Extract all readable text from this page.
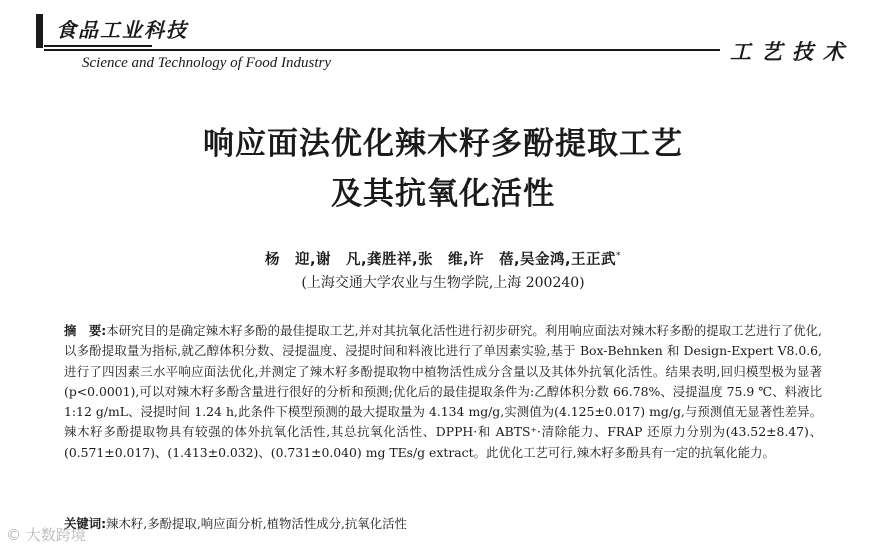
食品工业科技
工艺技术
Science and Technology of Food Industry
响应面法优化辣木籽多酚提取工艺
及其抗氧化活性
杨　迎,谢　凡,龚胜祥,张　维,许　蓓,吴金鸿,王正武*
(上海交通大学农业与生物学院,上海 200240)
摘　要:本研究目的是确定辣木籽多酚的最佳提取工艺,并对其抗氧化活性进行初步研究。利用响应面法对辣木籽多酚的提取工艺进行了优化,以多酚提取量为指标,就乙醇体积分数、浸提温度、浸提时间和料液比进行了单因素实验,基于 Box-Behnken 和 Design-Expert V8.0.6,进行了四因素三水平响应面法优化,并测定了辣木籽多酚提取物中植物活性成分含量以及其体外抗氧化活性。结果表明,回归模型极为显著(p<0.0001),可以对辣木籽多酚含量进行很好的分析和预测;优化后的最佳提取条件为:乙醇体积分数 66.78%、浸提温度 75.9 ℃、料液比 1:12 g/mL、浸提时间 1.24 h,此条件下模型预测的最大提取量为 4.134 mg/g,实测值为(4.125±0.017) mg/g,与预测值无显著性差异。辣木籽多酚提取物具有较强的体外抗氧化活性,其总抗氧化活性、DPPH·和 ABTS⁺·清除能力、FRAP 还原力分别为(43.52±8.47)、(0.571±0.017)、(1.413±0.032)、(0.731±0.040) mg TEs/g extract。此优化工艺可行,辣木籽多酚具有一定的抗氧化能力。
关键词:辣木籽,多酚提取,响应面分析,植物活性成分,抗氧化活性
© 大数跨境
